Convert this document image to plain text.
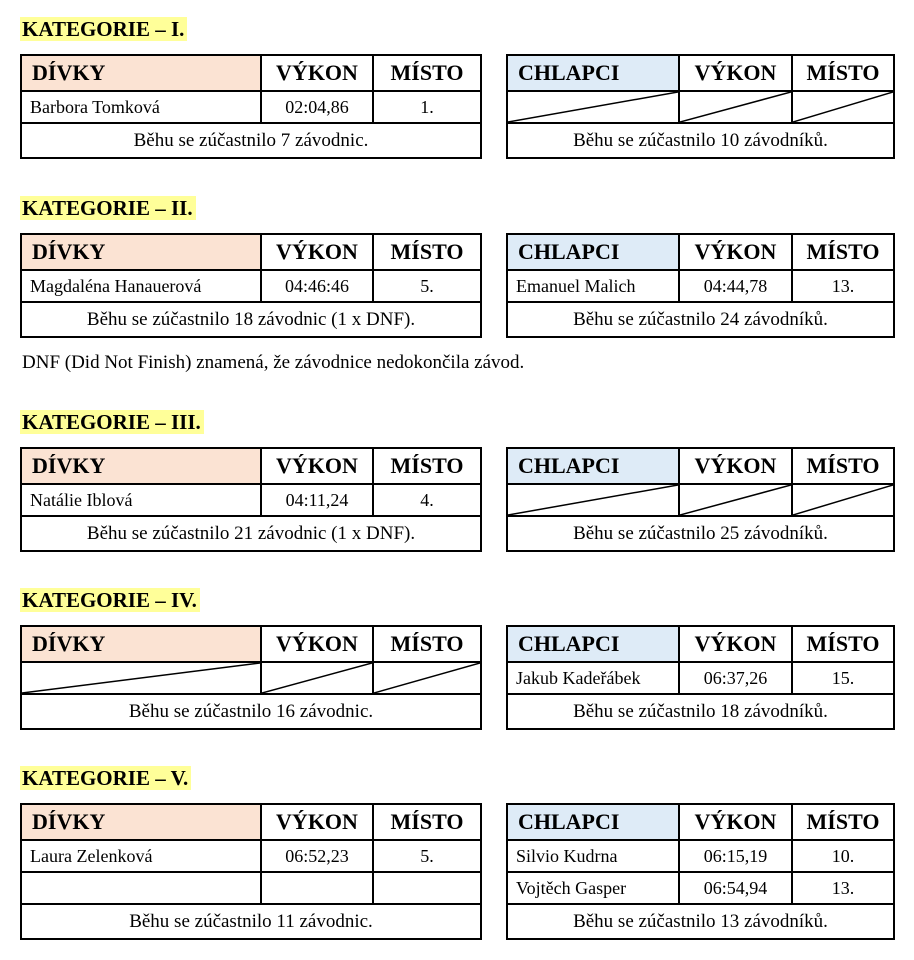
KATEGORIE – I.
DÍVKY	VÝKON	MÍSTO
Barbora Tomková	02:04,86	1.
Běhu se zúčastnilo 7 závodnic.		
CHLAPCI	VÝKON	MÍSTO

Běhu se zúčastnilo 10 závodníků.		
KATEGORIE – II.
DÍVKY	VÝKON	MÍSTO
Magdaléna Hanauerová	04:46:46	5.
Běhu se zúčastnilo 18 závodnic (1 x DNF).		
CHLAPCI	VÝKON	MÍSTO
Emanuel Malich	04:44,78	13.
Běhu se zúčastnilo 24 závodníků.		
DNF (Did Not Finish) znamená, že závodnice nedokončila závod.
KATEGORIE – III.
DÍVKY	VÝKON	MÍSTO
Natálie Iblová	04:11,24	4.
Běhu se zúčastnilo 21 závodnic (1 x DNF).		
CHLAPCI	VÝKON	MÍSTO

Běhu se zúčastnilo 25 závodníků.		
KATEGORIE – IV.
DÍVKY	VÝKON	MÍSTO

Běhu se zúčastnilo 16 závodnic.		
CHLAPCI	VÝKON	MÍSTO
Jakub Kadeřábek	06:37,26	15.
Běhu se zúčastnilo 18 závodníků.		
KATEGORIE – V.
DÍVKY	VÝKON	MÍSTO
Laura Zelenková	06:52,23	5.

Běhu se zúčastnilo 11 závodnic.		
CHLAPCI	VÝKON	MÍSTO
Silvio Kudrna	06:15,19	10.
Vojtěch Gasper	06:54,94	13.
Běhu se zúčastnilo 13 závodníků.		
